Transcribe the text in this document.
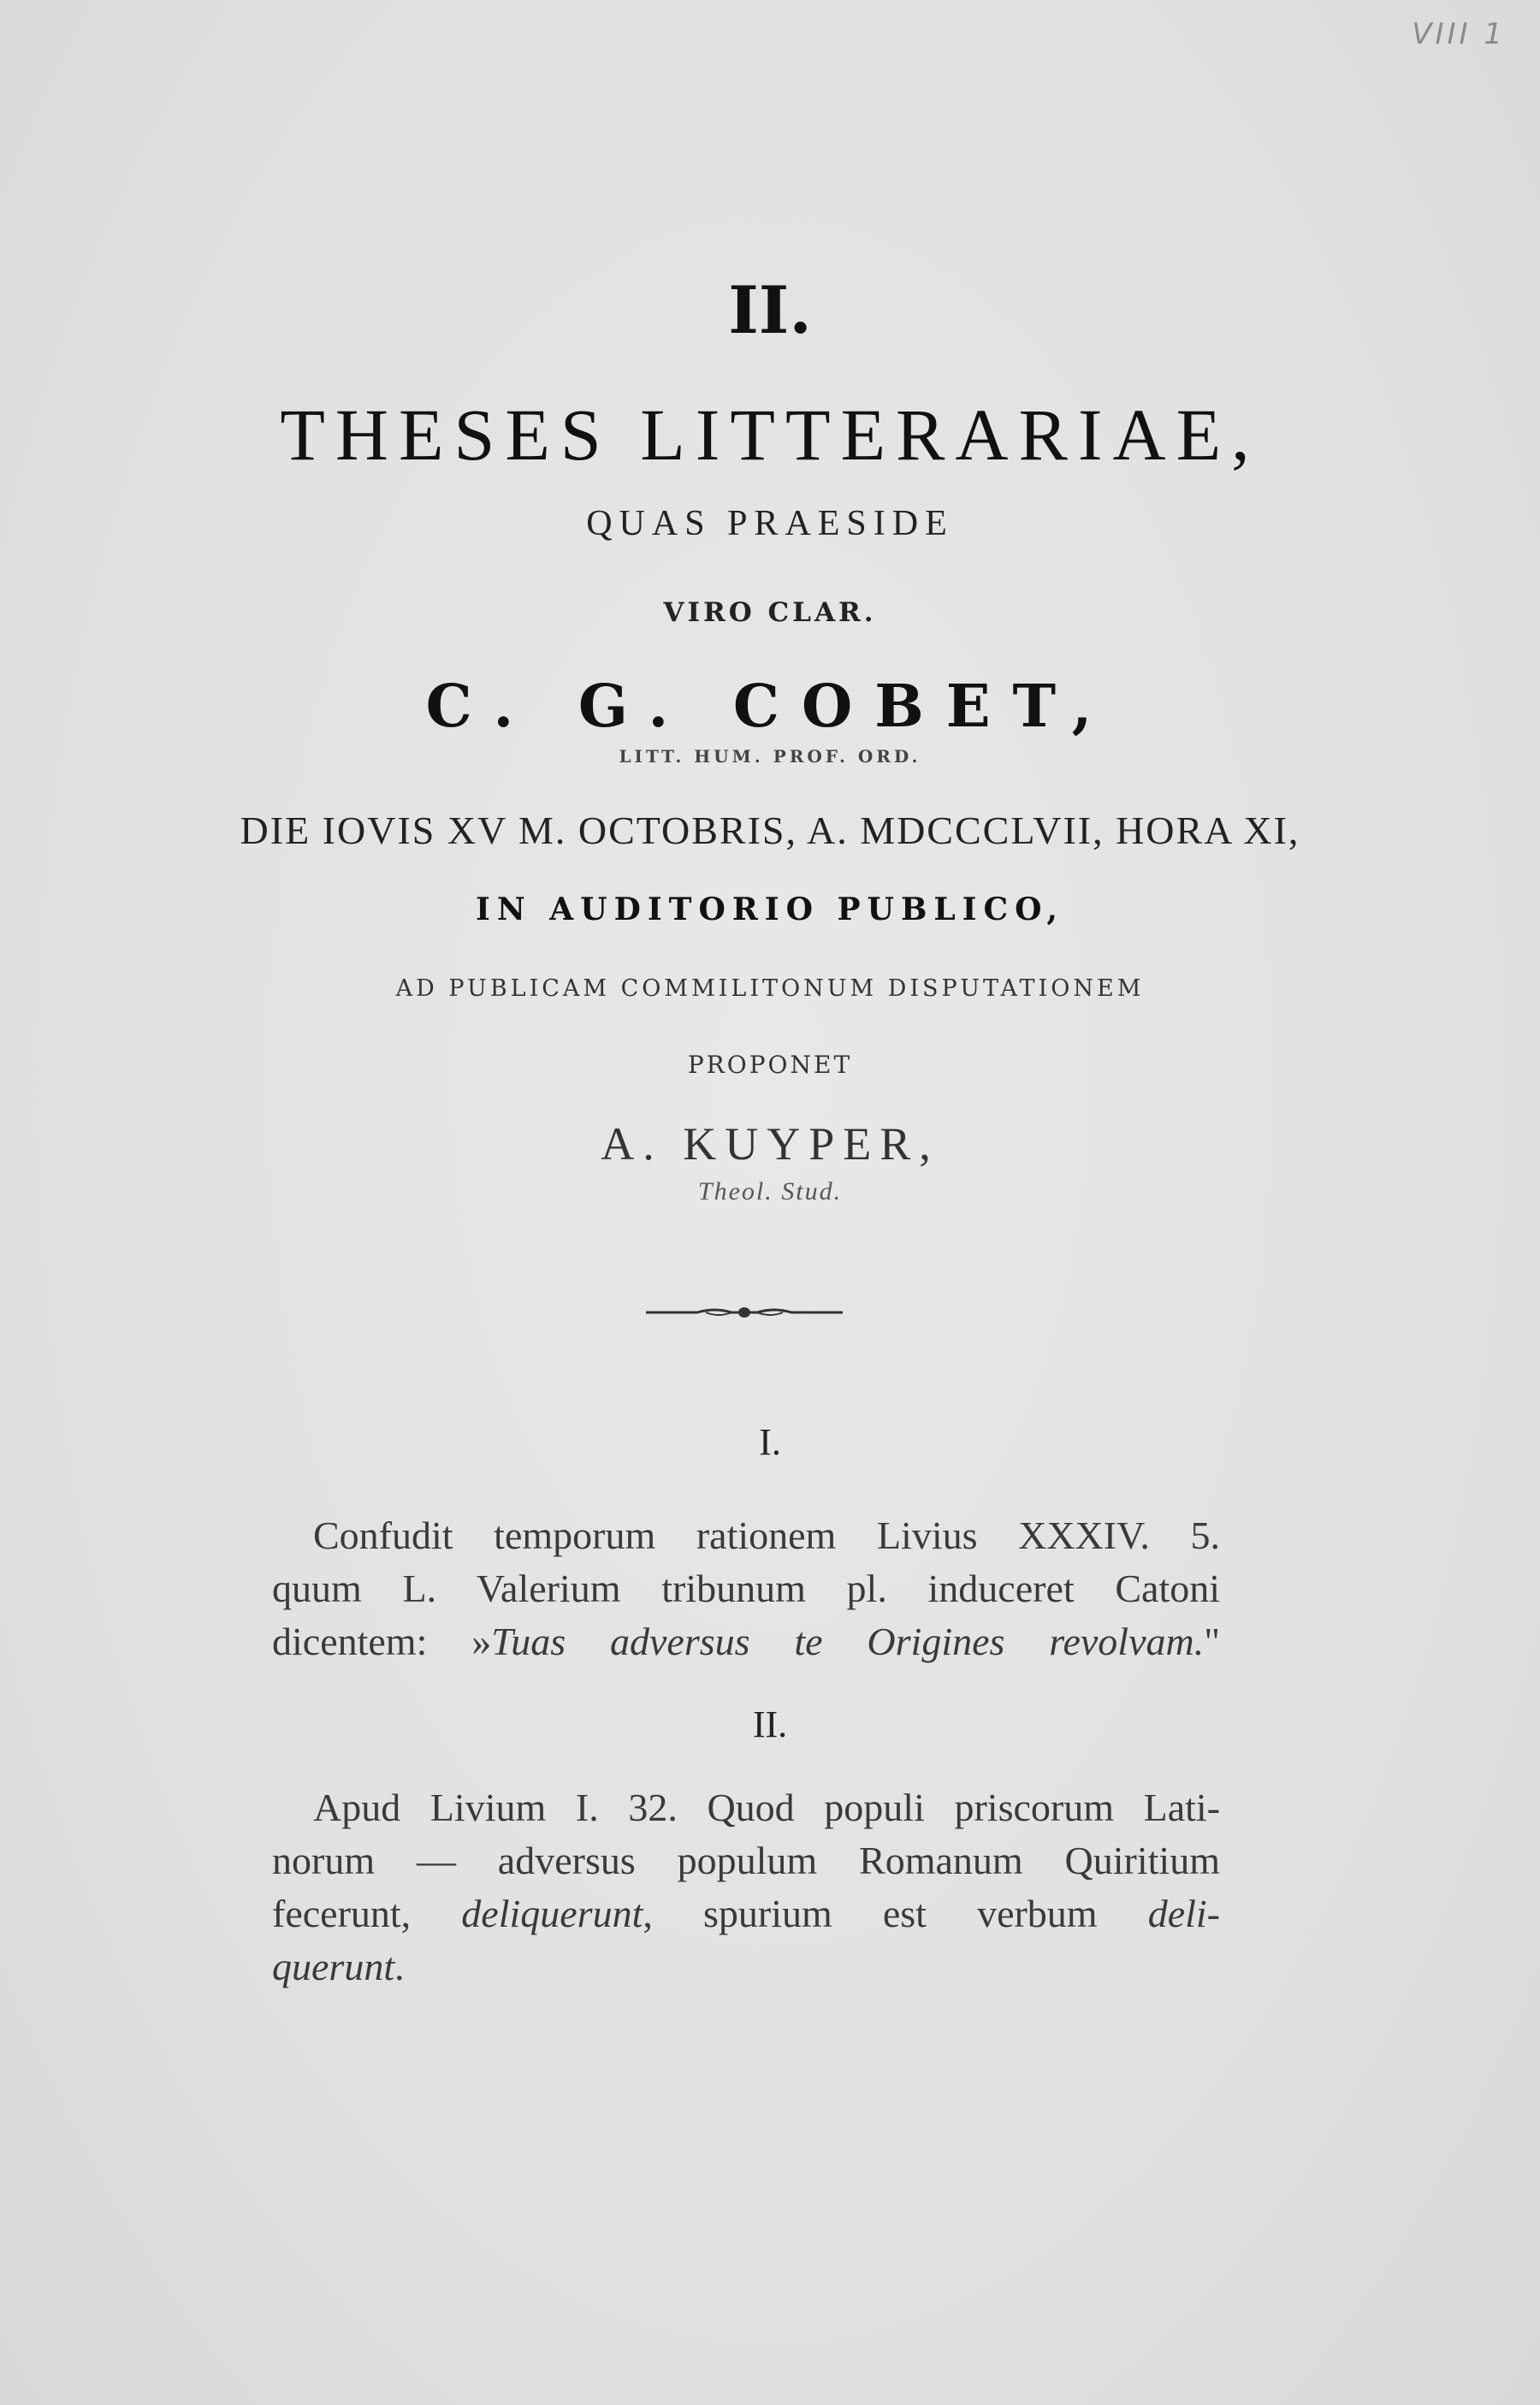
VIII 1
II.
THESES LITTERARIAE,
QUAS PRAESIDE
VIRO CLAR.
C. G. COBET,
LITT. HUM. PROF. ORD.
DIE IOVIS XV M. OCTOBRIS, A. MDCCCLVII, HORA XI,
IN AUDITORIO PUBLICO,
AD PUBLICAM COMMILITONUM DISPUTATIONEM
PROPONET
A. KUYPER,
Theol. Stud.
I.
Confudit temporum rationem Livius XXXIV. 5.
quum L. Valerium tribunum pl. induceret Catoni
dicentem: »Tuas adversus te Origines revolvam."
II.
Apud Livium I. 32. Quod populi priscorum Lati-
norum — adversus populum Romanum Quiritium
fecerunt, deliquerunt, spurium est verbum deli-
querunt.
